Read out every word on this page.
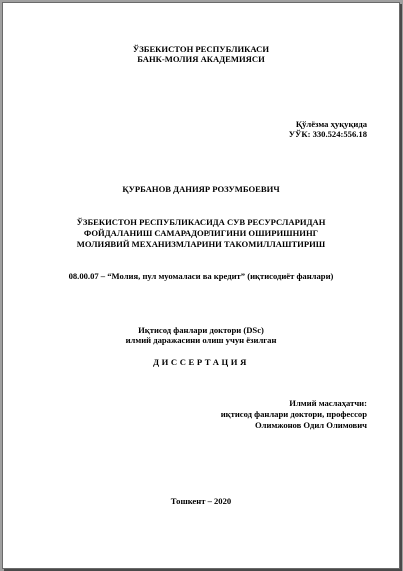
ЎЗБЕКИСТОН РЕСПУБЛИКАСИ
БАНК-МОЛИЯ АКАДЕМИЯСИ
Қўлёзма ҳуқуқида
УЎК: 330.524:556.18
ҚУРБАНОВ ДАНИЯР РОЗУМБОЕВИЧ
ЎЗБЕКИСТОН РЕСПУБЛИКАСИДА СУВ РЕСУРСЛАРИДАН
ФОЙДАЛАНИШ САМАРАДОРЛИГИНИ ОШИРИШНИНГ
МОЛИЯВИЙ МЕХАНИЗМЛАРИНИ ТАКОМИЛЛАШТИРИШ
08.00.07 – “Молия, пул муомаласи ва кредит” (иқтисодиёт фанлари)
Иқтисод фанлари доктори (DSc)
илмий даражасини олиш учун ёзилган
ДИССЕРТАЦИЯ
Илмий маслаҳатчи:
иқтисод фанлари доктори, профессор
Олимжонов Одил Олимович
Тошкент – 2020
